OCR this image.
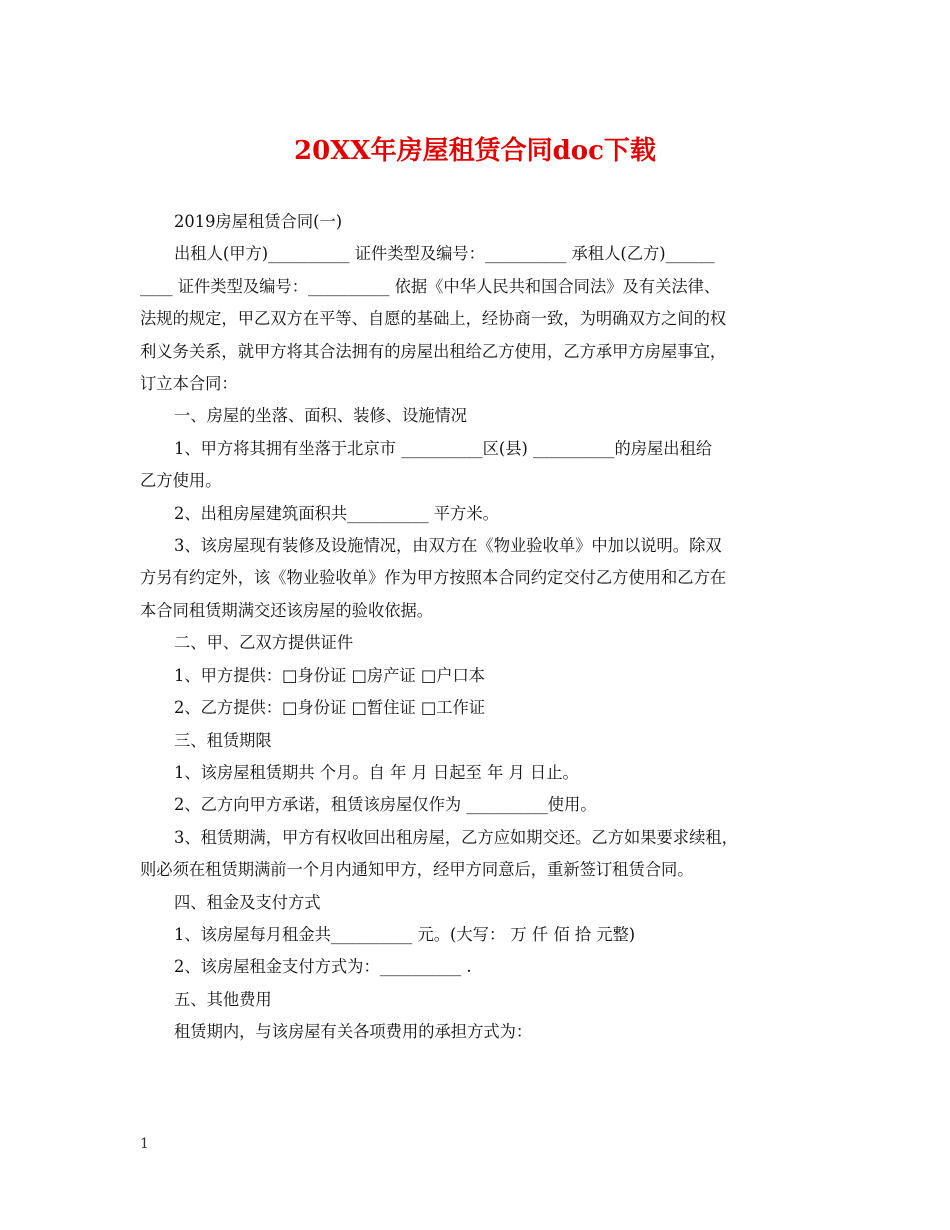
20XX年房屋租赁合同doc下载

2019房屋租赁合同(一)

出租人(甲方)__________ 证件类型及编号：__________ 承租人(乙方)______

____ 证件类型及编号：__________ 依据《中华人民共和国合同法》及有关法律、

法规的规定，甲乙双方在平等、自愿的基础上，经协商一致，为明确双方之间的权

利义务关系，就甲方将其合法拥有的房屋出租给乙方使用，乙方承甲方房屋事宜，

订立本合同：

一、房屋的坐落、面积、装修、设施情况

1、甲方将其拥有坐落于北京市 __________区(县) __________的房屋出租给

乙方使用。

2、出租房屋建筑面积共__________ 平方米。

3、该房屋现有装修及设施情况，由双方在《物业验收单》中加以说明。除双

方另有约定外，该《物业验收单》作为甲方按照本合同约定交付乙方使用和乙方在

本合同租赁期满交还该房屋的验收依据。

二、甲、乙双方提供证件

1、甲方提供：□身份证 □房产证 □户口本

2、乙方提供：□身份证 □暂住证 □工作证

三、租赁期限

1、该房屋租赁期共 个月。自 年 月 日起至 年 月 日止。

2、乙方向甲方承诺，租赁该房屋仅作为 __________使用。

3、租赁期满，甲方有权收回出租房屋，乙方应如期交还。乙方如果要求续租，

则必须在租赁期满前一个月内通知甲方，经甲方同意后，重新签订租赁合同。

四、租金及支付方式

1、该房屋每月租金共__________ 元。(大写： 万 仟 佰 拾 元整)

2、该房屋租金支付方式为：__________ .

五、其他费用

租赁期内，与该房屋有关各项费用的承担方式为：

1
